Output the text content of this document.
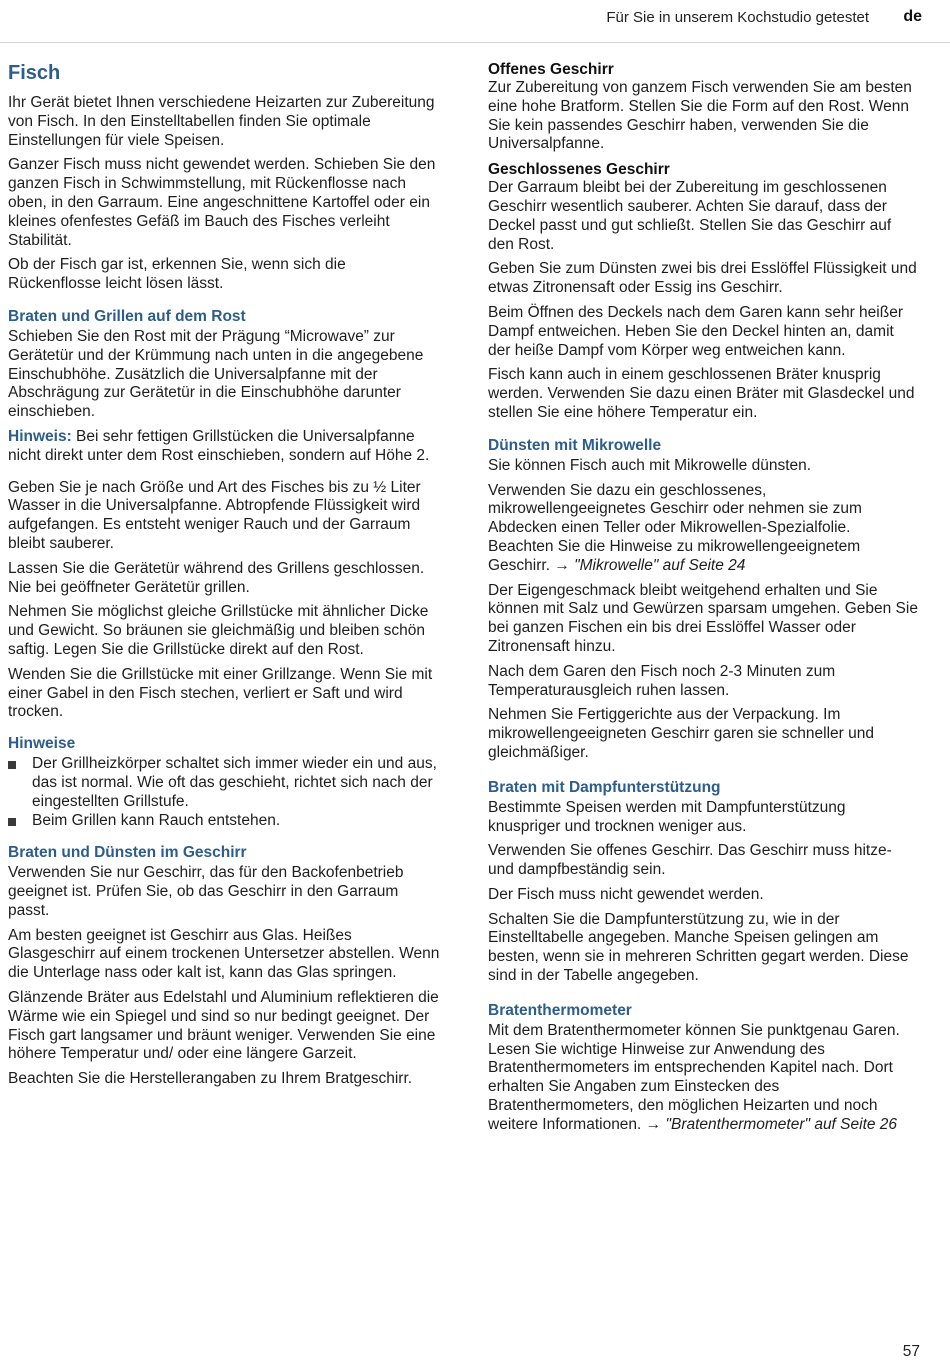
Für Sie in unserem Kochstudio getestet de
Fisch

Ihr Gerät bietet Ihnen verschiedene Heizarten zur Zubereitung von Fisch. In den Einstelltabellen finden Sie optimale Einstellungen für viele Speisen.

Ganzer Fisch muss nicht gewendet werden. Schieben Sie den ganzen Fisch in Schwimmstellung, mit Rückenflosse nach oben, in den Garraum. Eine angeschnittene Kartoffel oder ein kleines ofenfestes Gefäß im Bauch des Fisches verleiht Stabilität.

Ob der Fisch gar ist, erkennen Sie, wenn sich die Rückenflosse leicht lösen lässt.

Braten und Grillen auf dem Rost

Schieben Sie den Rost mit der Prägung “Microwave” zur Gerätetür und der Krümmung nach unten in die angegebene Einschubhöhe. Zusätzlich die Universalpfanne mit der Abschrägung zur Gerätetür in die Einschubhöhe darunter einschieben.

Hinweis: Bei sehr fettigen Grillstücken die Universalpfanne nicht direkt unter dem Rost einschieben, sondern auf Höhe 2.

Geben Sie je nach Größe und Art des Fisches bis zu ½ Liter Wasser in die Universalpfanne. Abtropfende Flüssigkeit wird aufgefangen. Es entsteht weniger Rauch und der Garraum bleibt sauberer.

Lassen Sie die Gerätetür während des Grillens geschlossen. Nie bei geöffneter Gerätetür grillen.

Nehmen Sie möglichst gleiche Grillstücke mit ähnlicher Dicke und Gewicht. So bräunen sie gleichmäßig und bleiben schön saftig. Legen Sie die Grillstücke direkt auf den Rost.

Wenden Sie die Grillstücke mit einer Grillzange. Wenn Sie mit einer Gabel in den Fisch stechen, verliert er Saft und wird trocken.

Hinweise
Der Grillheizkörper schaltet sich immer wieder ein und aus, das ist normal. Wie oft das geschieht, richtet sich nach der eingestellten Grillstufe.
Beim Grillen kann Rauch entstehen.
Braten und Dünsten im Geschirr

Verwenden Sie nur Geschirr, das für den Backofenbetrieb geeignet ist. Prüfen Sie, ob das Geschirr in den Garraum passt.

Am besten geeignet ist Geschirr aus Glas. Heißes Glasgeschirr auf einem trockenen Untersetzer abstellen. Wenn die Unterlage nass oder kalt ist, kann das Glas springen.

Glänzende Bräter aus Edelstahl und Aluminium reflektieren die Wärme wie ein Spiegel und sind so nur bedingt geeignet. Der Fisch gart langsamer und bräunt weniger. Verwenden Sie eine höhere Temperatur und/ oder eine längere Garzeit.

Beachten Sie die Herstellerangaben zu Ihrem Bratgeschirr.

Offenes Geschirr

Zur Zubereitung von ganzem Fisch verwenden Sie am besten eine hohe Bratform. Stellen Sie die Form auf den Rost. Wenn Sie kein passendes Geschirr haben, verwenden Sie die Universalpfanne.

Geschlossenes Geschirr

Der Garraum bleibt bei der Zubereitung im geschlossenen Geschirr wesentlich sauberer. Achten Sie darauf, dass der Deckel passt und gut schließt. Stellen Sie das Geschirr auf den Rost.

Geben Sie zum Dünsten zwei bis drei Esslöffel Flüssigkeit und etwas Zitronensaft oder Essig ins Geschirr.

Beim Öffnen des Deckels nach dem Garen kann sehr heißer Dampf entweichen. Heben Sie den Deckel hinten an, damit der heiße Dampf vom Körper weg entweichen kann.

Fisch kann auch in einem geschlossenen Bräter knusprig werden. Verwenden Sie dazu einen Bräter mit Glasdeckel und stellen Sie eine höhere Temperatur ein.

Dünsten mit Mikrowelle

Sie können Fisch auch mit Mikrowelle dünsten.

Verwenden Sie dazu ein geschlossenes, mikrowellengeeignetes Geschirr oder nehmen sie zum Abdecken einen Teller oder Mikrowellen-Spezialfolie. Beachten Sie die Hinweise zu mikrowellengeeignetem Geschirr. → "Mikrowelle" auf Seite 24

Der Eigengeschmack bleibt weitgehend erhalten und Sie können mit Salz und Gewürzen sparsam umgehen. Geben Sie bei ganzen Fischen ein bis drei Esslöffel Wasser oder Zitronensaft hinzu.

Nach dem Garen den Fisch noch 2-3 Minuten zum Temperaturausgleich ruhen lassen.

Nehmen Sie Fertiggerichte aus der Verpackung. Im mikrowellengeeigneten Geschirr garen sie schneller und gleichmäßiger.

Braten mit Dampfunterstützung

Bestimmte Speisen werden mit Dampfunterstützung knuspriger und trocknen weniger aus.

Verwenden Sie offenes Geschirr. Das Geschirr muss hitze- und dampfbeständig sein.

Der Fisch muss nicht gewendet werden.

Schalten Sie die Dampfunterstützung zu, wie in der Einstelltabelle angegeben. Manche Speisen gelingen am besten, wenn sie in mehreren Schritten gegart werden. Diese sind in der Tabelle angegeben.

Bratenthermometer

Mit dem Bratenthermometer können Sie punktgenau Garen. Lesen Sie wichtige Hinweise zur Anwendung des Bratenthermometers im entsprechenden Kapitel nach. Dort erhalten Sie Angaben zum Einstecken des Bratenthermometers, den möglichen Heizarten und noch weitere Informationen. → "Bratenthermometer" auf Seite 26

57
